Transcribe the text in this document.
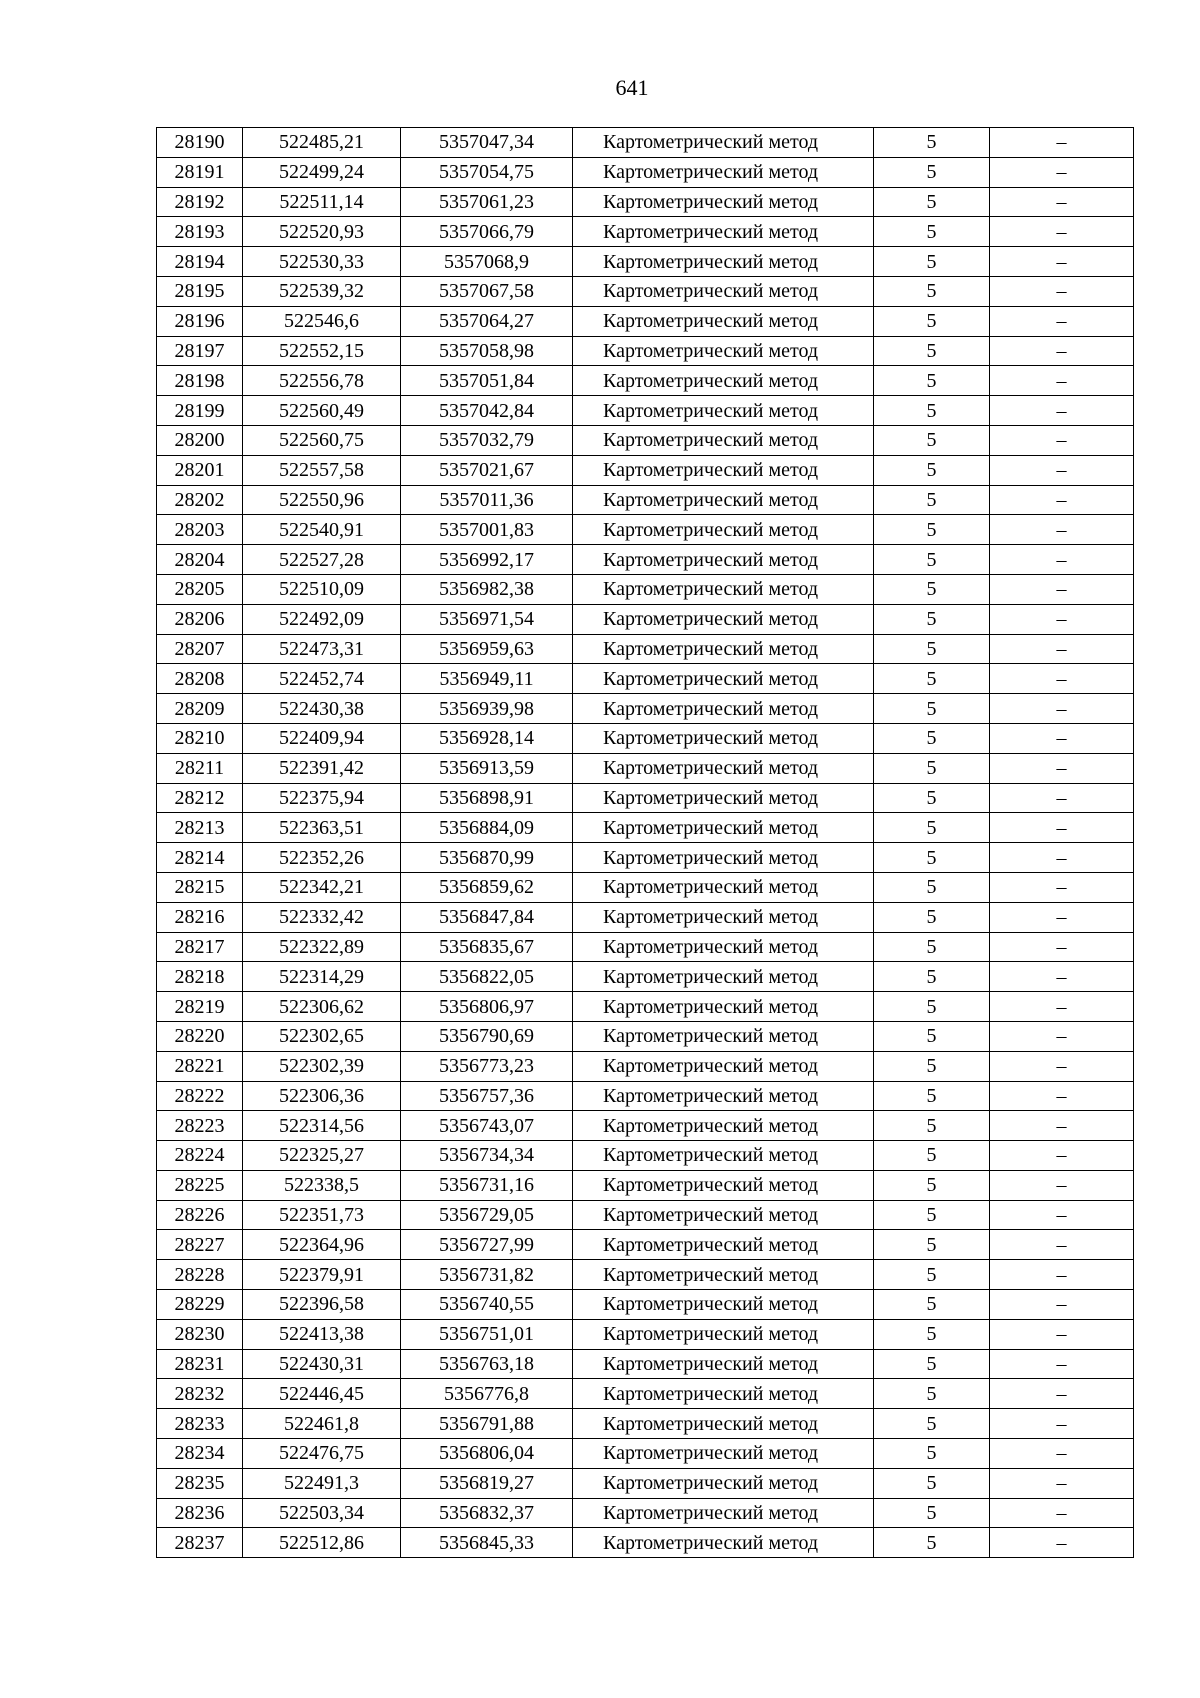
641
28190	522485,21	5357047,34	Картометрический метод	5	–
28191	522499,24	5357054,75	Картометрический метод	5	–
28192	522511,14	5357061,23	Картометрический метод	5	–
28193	522520,93	5357066,79	Картометрический метод	5	–
28194	522530,33	5357068,9	Картометрический метод	5	–
28195	522539,32	5357067,58	Картометрический метод	5	–
28196	522546,6	5357064,27	Картометрический метод	5	–
28197	522552,15	5357058,98	Картометрический метод	5	–
28198	522556,78	5357051,84	Картометрический метод	5	–
28199	522560,49	5357042,84	Картометрический метод	5	–
28200	522560,75	5357032,79	Картометрический метод	5	–
28201	522557,58	5357021,67	Картометрический метод	5	–
28202	522550,96	5357011,36	Картометрический метод	5	–
28203	522540,91	5357001,83	Картометрический метод	5	–
28204	522527,28	5356992,17	Картометрический метод	5	–
28205	522510,09	5356982,38	Картометрический метод	5	–
28206	522492,09	5356971,54	Картометрический метод	5	–
28207	522473,31	5356959,63	Картометрический метод	5	–
28208	522452,74	5356949,11	Картометрический метод	5	–
28209	522430,38	5356939,98	Картометрический метод	5	–
28210	522409,94	5356928,14	Картометрический метод	5	–
28211	522391,42	5356913,59	Картометрический метод	5	–
28212	522375,94	5356898,91	Картометрический метод	5	–
28213	522363,51	5356884,09	Картометрический метод	5	–
28214	522352,26	5356870,99	Картометрический метод	5	–
28215	522342,21	5356859,62	Картометрический метод	5	–
28216	522332,42	5356847,84	Картометрический метод	5	–
28217	522322,89	5356835,67	Картометрический метод	5	–
28218	522314,29	5356822,05	Картометрический метод	5	–
28219	522306,62	5356806,97	Картометрический метод	5	–
28220	522302,65	5356790,69	Картометрический метод	5	–
28221	522302,39	5356773,23	Картометрический метод	5	–
28222	522306,36	5356757,36	Картометрический метод	5	–
28223	522314,56	5356743,07	Картометрический метод	5	–
28224	522325,27	5356734,34	Картометрический метод	5	–
28225	522338,5	5356731,16	Картометрический метод	5	–
28226	522351,73	5356729,05	Картометрический метод	5	–
28227	522364,96	5356727,99	Картометрический метод	5	–
28228	522379,91	5356731,82	Картометрический метод	5	–
28229	522396,58	5356740,55	Картометрический метод	5	–
28230	522413,38	5356751,01	Картометрический метод	5	–
28231	522430,31	5356763,18	Картометрический метод	5	–
28232	522446,45	5356776,8	Картометрический метод	5	–
28233	522461,8	5356791,88	Картометрический метод	5	–
28234	522476,75	5356806,04	Картометрический метод	5	–
28235	522491,3	5356819,27	Картометрический метод	5	–
28236	522503,34	5356832,37	Картометрический метод	5	–
28237	522512,86	5356845,33	Картометрический метод	5	–
